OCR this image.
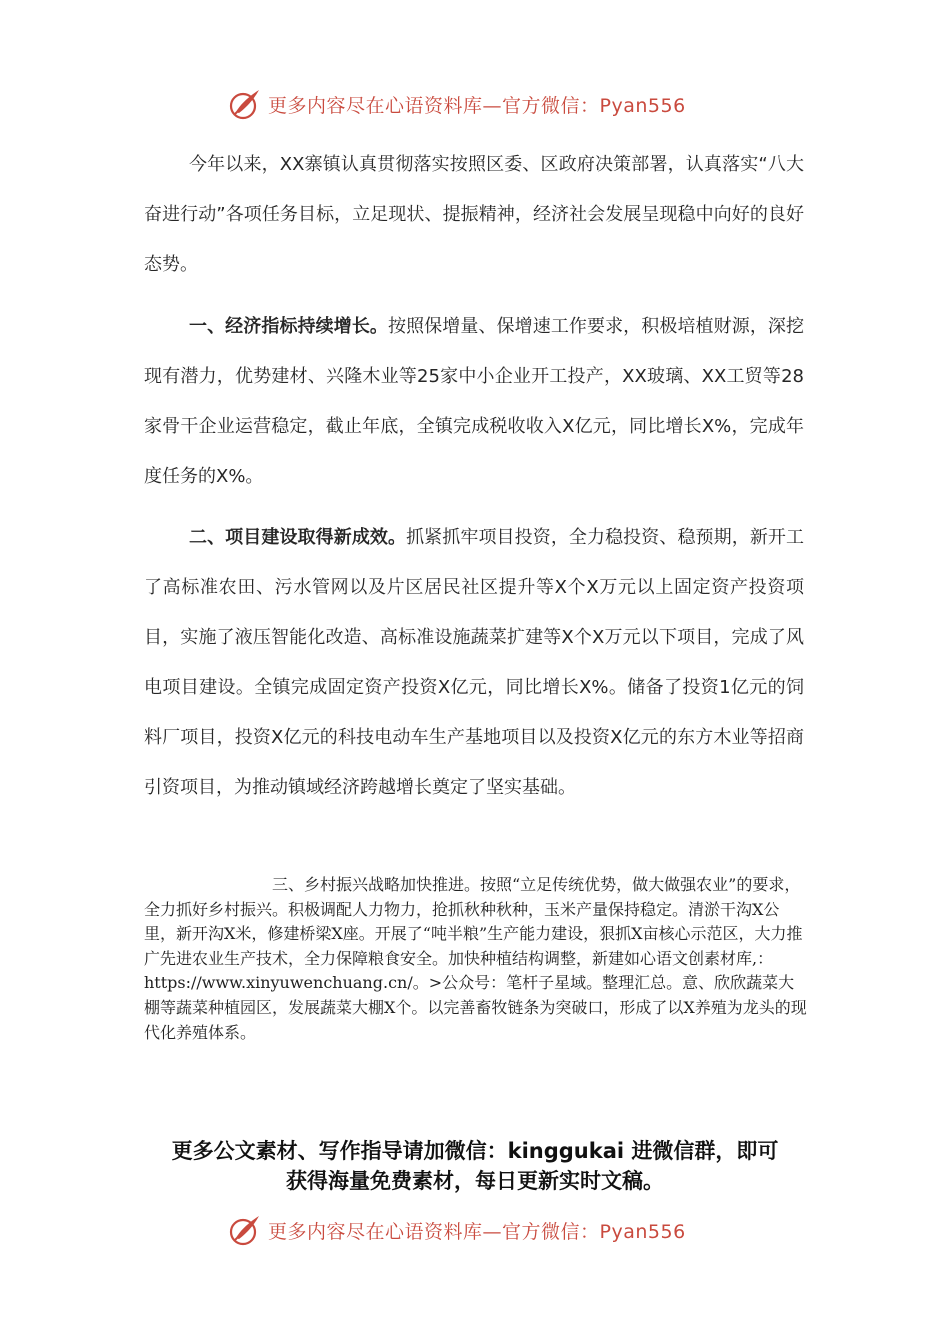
更多内容尽在心语资料库—官方微信：Pyan556
今年以来，XX寨镇认真贯彻落实按照区委、区政府决策部署，认真落实“八大奋进行动”各项任务目标，立足现状、提振精神，经济社会发展呈现稳中向好的良好态势。
一、经济指标持续增长。按照保增量、保增速工作要求，积极培植财源，深挖现有潜力，优势建材、兴隆木业等25家中小企业开工投产，XX玻璃、XX工贸等28家骨干企业运营稳定，截止年底，全镇完成税收收入X亿元，同比增长X%，完成年度任务的X%。
二、项目建设取得新成效。抓紧抓牢项目投资，全力稳投资、稳预期，新开工了高标准农田、污水管网以及片区居民社区提升等X个X万元以上固定资产投资项目，实施了液压智能化改造、高标准设施蔬菜扩建等X个X万元以下项目，完成了风电项目建设。全镇完成固定资产投资X亿元，同比增长X%。储备了投资1亿元的饲料厂项目，投资X亿元的科技电动车生产基地项目以及投资X亿元的东方木业等招商引资项目，为推动镇域经济跨越增长奠定了坚实基础。
三、乡村振兴战略加快推进。按照“立足传统优势，做大做强农业”的要求，全力抓好乡村振兴。积极调配人力物力，抢抓秋种秋种，玉米产量保持稳定。清淤干沟X公里，新开沟X米，修建桥梁X座。开展了“吨半粮”生产能力建设，狠抓X亩核心示范区，大力推广先进农业生产技术，全力保障粮食安全。加快种植结构调整，新建如心语文创素材库,：https://www.xinyuwenchuang.cn/。>公众号：笔杆子星域。整理汇总。意、欣欣蔬菜大棚等蔬菜种植园区，发展蔬菜大棚X个。以完善畜牧链条为突破口，形成了以X养殖为龙头的现代化养殖体系。
更多公文素材、写作指导请加微信：kinggukai 进微信群，即可
获得海量免费素材，每日更新实时文稿。
更多内容尽在心语资料库—官方微信：Pyan556
